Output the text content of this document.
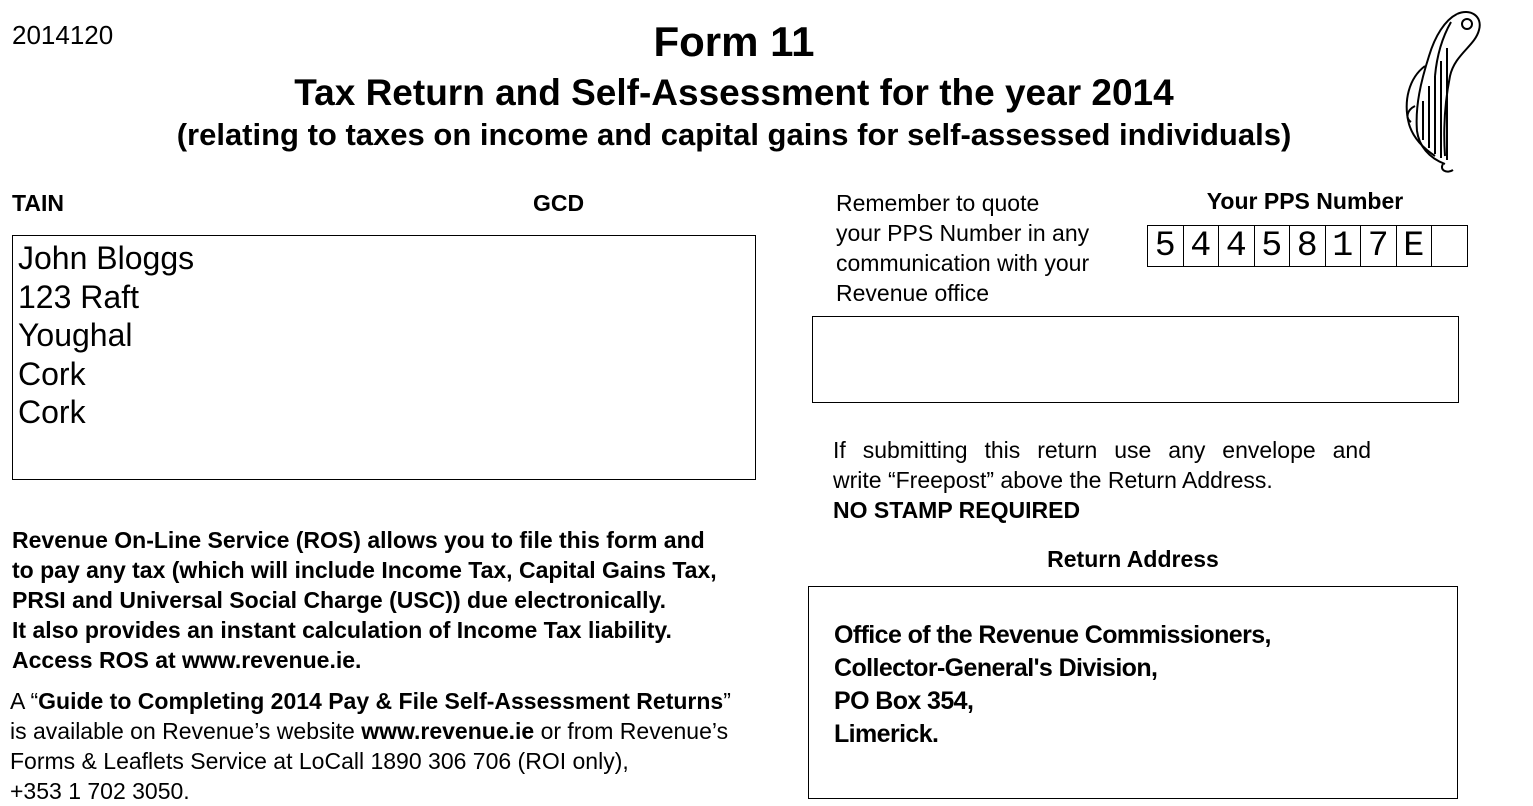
2014120	Form 11
Tax Return and Self-Assessment for the year 2014
(relating to taxes on income and capital gains for self-assessed individuals)
TAIN	GCD
John Bloggs
123 Raft
Youghal
Cork
Cork
Remember to quote
your PPS Number in any
communication with your
Revenue office
Your PPS Number
5 4 4 5 8 1 7 E
If submitting this return use any envelope and
write “Freepost” above the Return Address.
NO STAMP REQUIRED
Return Address
Office of the Revenue Commissioners,
Collector-General's Division,
PO Box 354,
Limerick.
Revenue On-Line Service (ROS) allows you to file this form and
to pay any tax (which will include Income Tax, Capital Gains Tax,
PRSI and Universal Social Charge (USC)) due electronically.
It also provides an instant calculation of Income Tax liability.
Access ROS at www.revenue.ie.
A “Guide to Completing 2014 Pay & File Self-Assessment Returns”
is available on Revenue’s website www.revenue.ie or from Revenue’s
Forms & Leaflets Service at LoCall 1890 306 706 (ROI only),
+353 1 702 3050.
